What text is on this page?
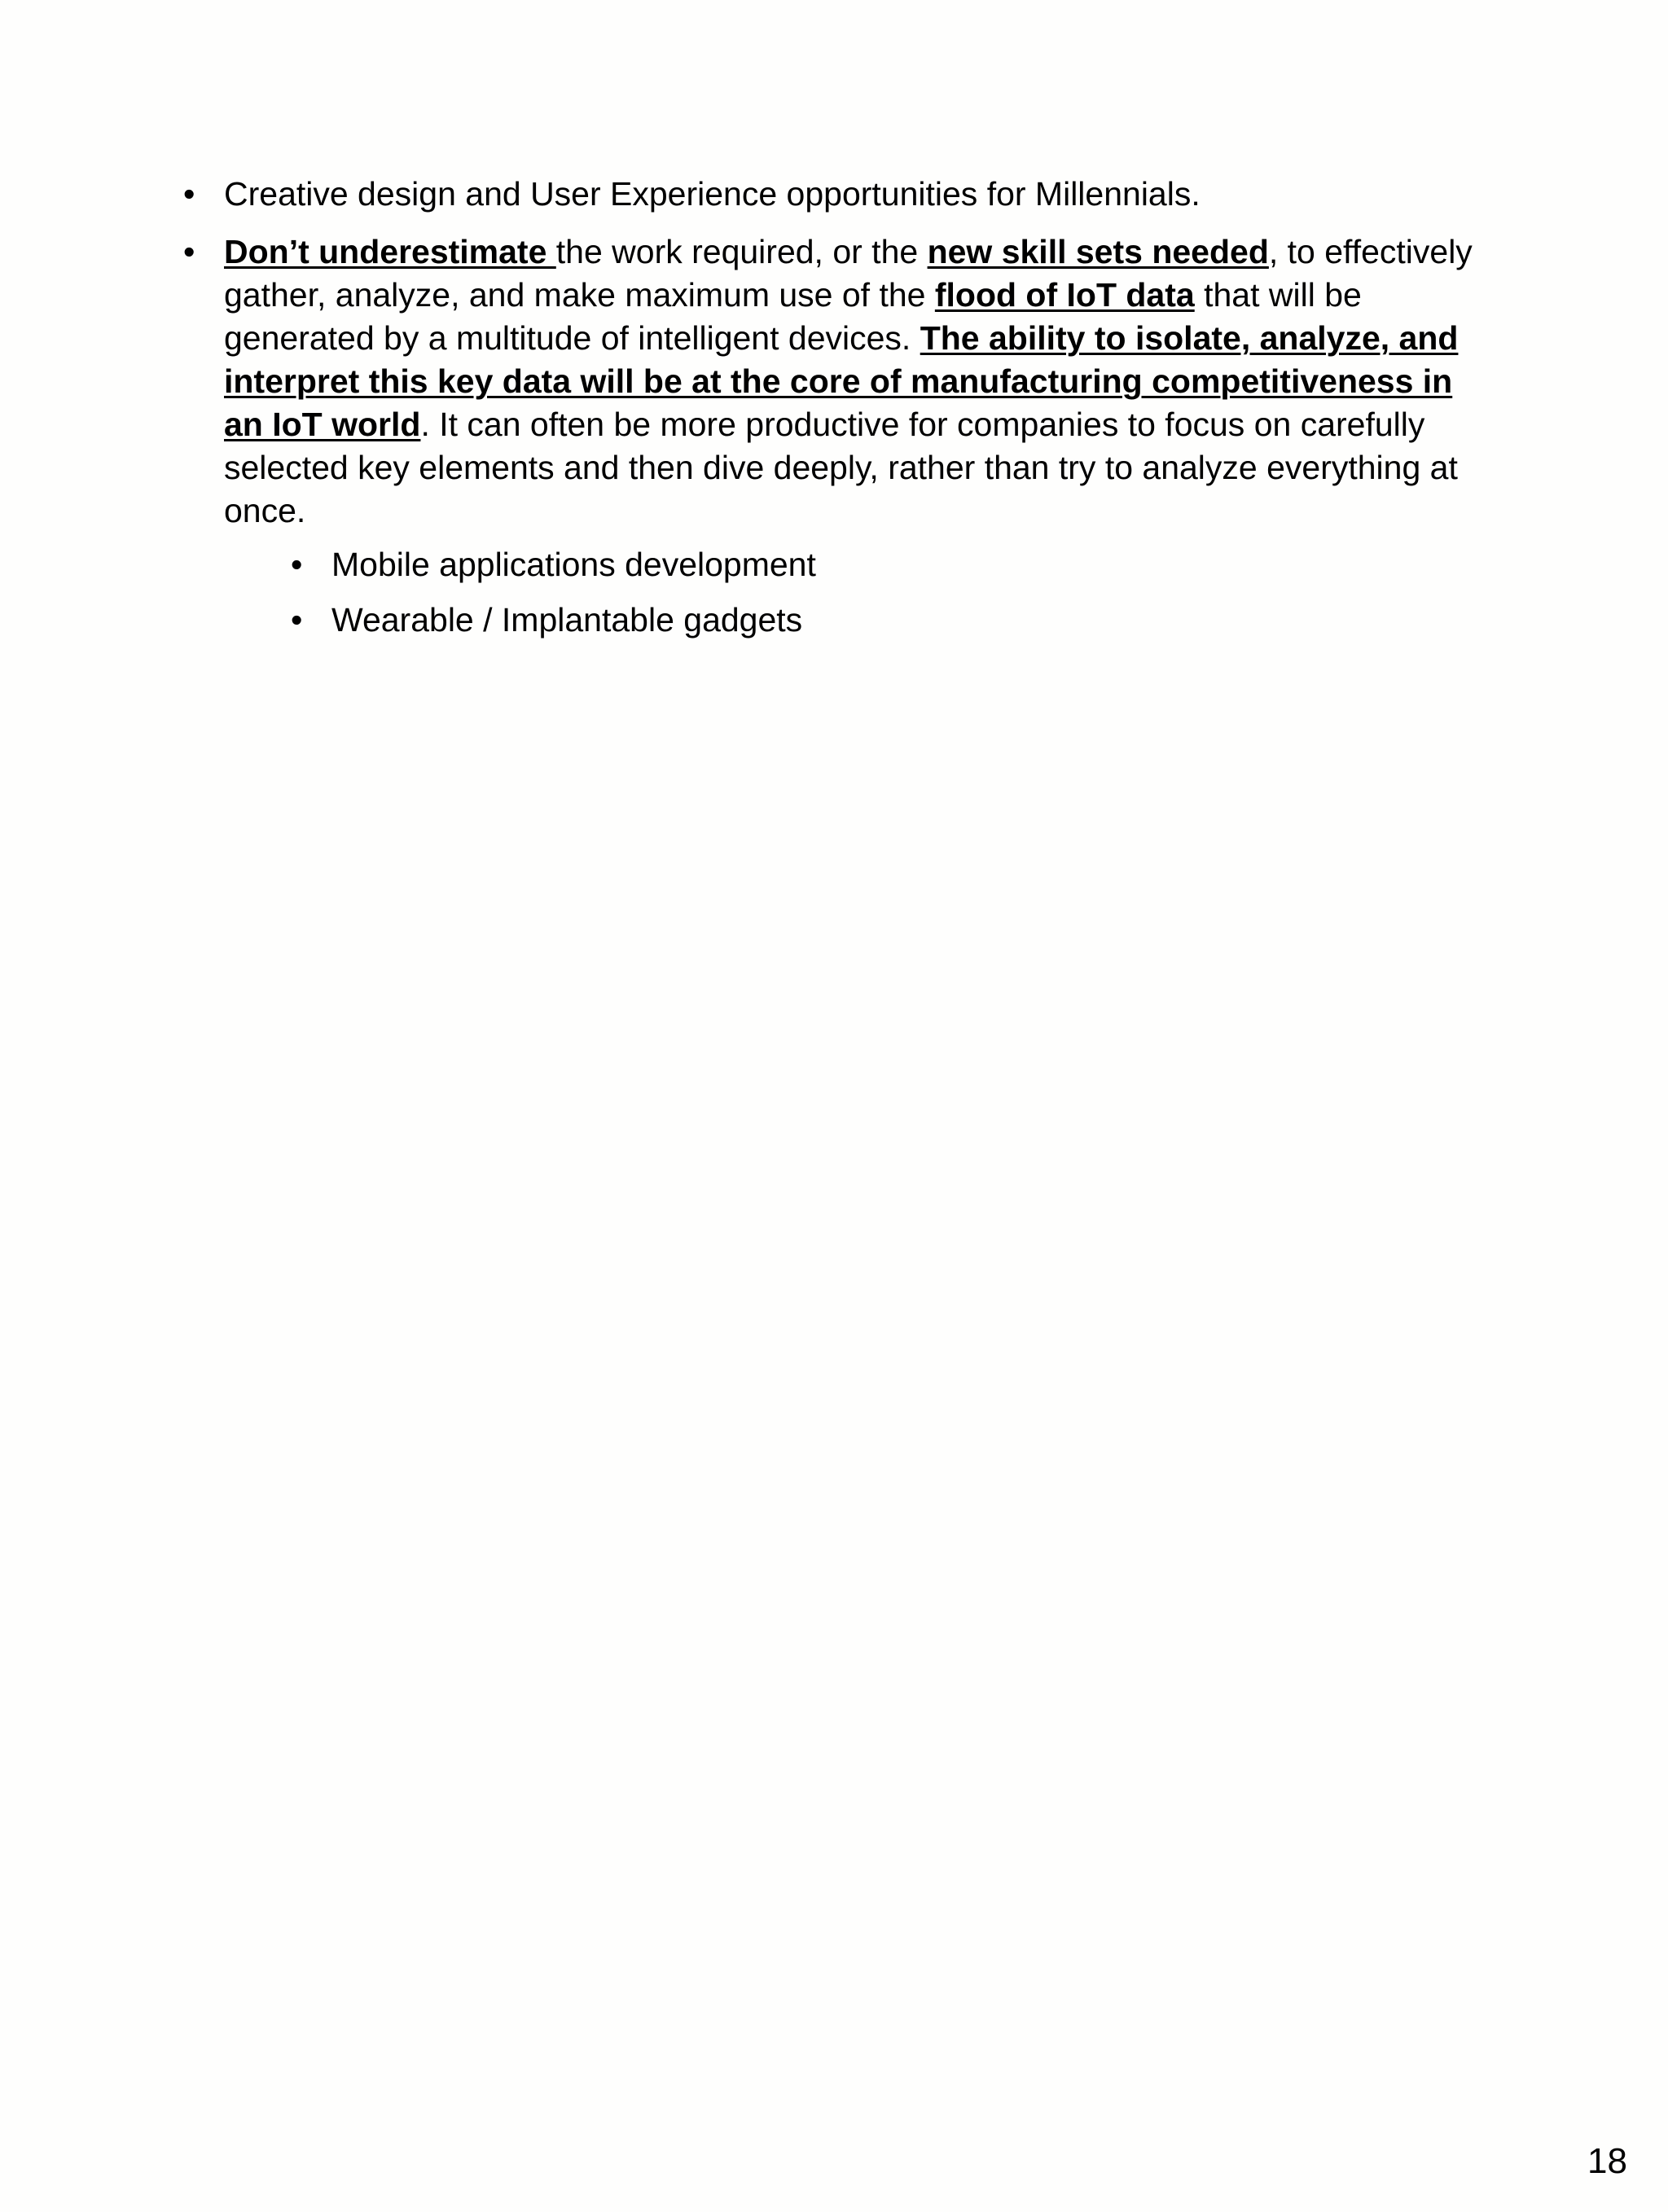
• Creative design and User Experience opportunities for Millennials.
• Don’t underestimate the work required, or the new skill sets needed, to effectively gather, analyze, and make maximum use of the flood of IoT data that will be generated by a multitude of intelligent devices. The ability to isolate, analyze, and interpret this key data will be at the core of manufacturing competitiveness in an IoT world. It can often be more productive for companies to focus on carefully selected key elements and then dive deeply, rather than try to analyze everything at once.
• Mobile applications development
• Wearable / Implantable gadgets
18
